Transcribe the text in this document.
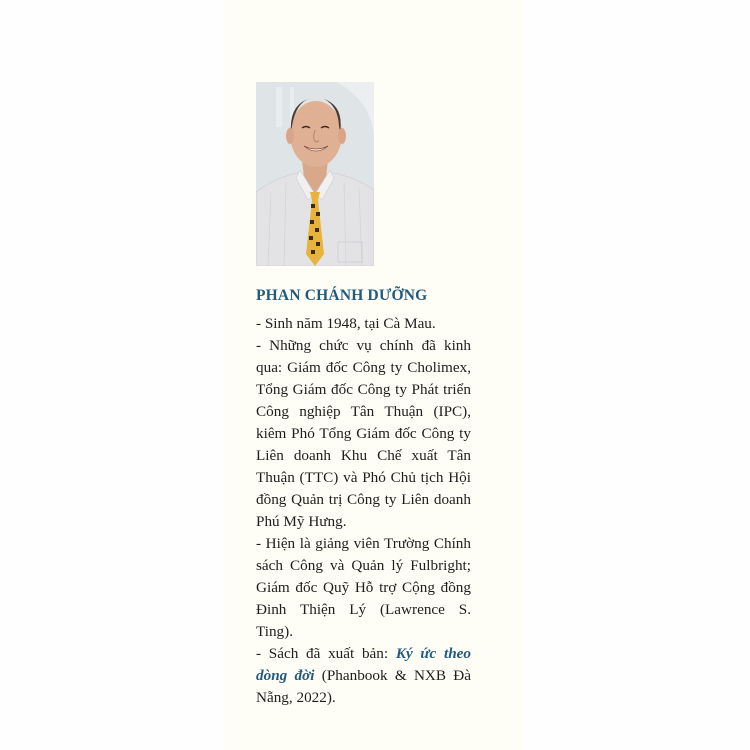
PHAN CHÁNH DƯỠNG

- Sinh năm 1948, tại Cà Mau.

- Những chức vụ chính đã kinh qua: Giám đốc Công ty Cholimex, Tổng Giám đốc Công ty Phát triển Công nghiệp Tân Thuận (IPC), kiêm Phó Tổng Giám đốc Công ty Liên doanh Khu Chế xuất Tân Thuận (TTC) và Phó Chủ tịch Hội đồng Quản trị Công ty Liên doanh Phú Mỹ Hưng.

- Hiện là giảng viên Trường Chính sách Công và Quản lý Fulbright; Giám đốc Quỹ Hỗ trợ Cộng đồng Đinh Thiện Lý (Lawrence S. Ting).

- Sách đã xuất bản: Ký ức theo dòng đời (Phanbook & NXB Đà Nẵng, 2022).
